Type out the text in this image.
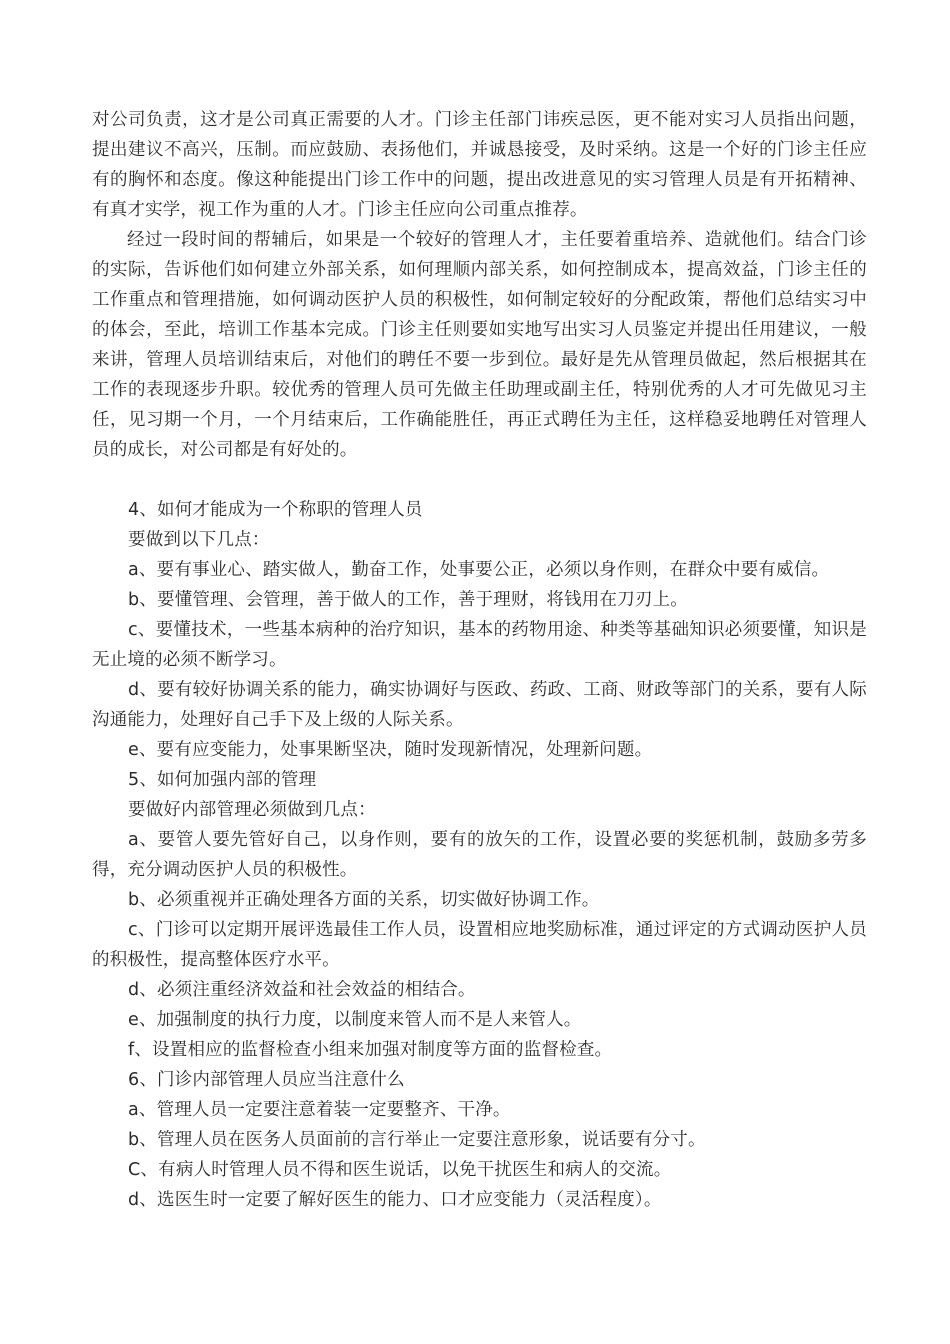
对公司负责，这才是公司真正需要的人才。门诊主任部门讳疾忌医，更不能对实习人员指出问题，提出建议不高兴，压制。而应鼓励、表扬他们，并诚恳接受，及时采纳。这是一个好的门诊主任应有的胸怀和态度。像这种能提出门诊工作中的问题，提出改进意见的实习管理人员是有开拓精神、有真才实学，视工作为重的人才。门诊主任应向公司重点推荐。

经过一段时间的帮辅后，如果是一个较好的管理人才，主任要着重培养、造就他们。结合门诊的实际，告诉他们如何建立外部关系，如何理顺内部关系，如何控制成本，提高效益，门诊主任的工作重点和管理措施，如何调动医护人员的积极性，如何制定较好的分配政策，帮他们总结实习中的体会，至此，培训工作基本完成。门诊主任则要如实地写出实习人员鉴定并提出任用建议，一般来讲，管理人员培训结束后，对他们的聘任不要一步到位。最好是先从管理员做起，然后根据其在工作的表现逐步升职。较优秀的管理人员可先做主任助理或副主任，特别优秀的人才可先做见习主任，见习期一个月，一个月结束后，工作确能胜任，再正式聘任为主任，这样稳妥地聘任对管理人员的成长，对公司都是有好处的。

4、如何才能成为一个称职的管理人员

要做到以下几点：

a、要有事业心、踏实做人，勤奋工作，处事要公正，必须以身作则，在群众中要有威信。

b、要懂管理、会管理，善于做人的工作，善于理财，将钱用在刀刃上。

c、要懂技术，一些基本病种的治疗知识，基本的药物用途、种类等基础知识必须要懂，知识是无止境的必须不断学习。

d、要有较好协调关系的能力，确实协调好与医政、药政、工商、财政等部门的关系，要有人际沟通能力，处理好自己手下及上级的人际关系。

e、要有应变能力，处事果断坚决，随时发现新情况，处理新问题。

5、如何加强内部的管理

要做好内部管理必须做到几点：

a、要管人要先管好自己，以身作则，要有的放矢的工作，设置必要的奖惩机制，鼓励多劳多得，充分调动医护人员的积极性。

b、必须重视并正确处理各方面的关系，切实做好协调工作。

c、门诊可以定期开展评选最佳工作人员，设置相应地奖励标准，通过评定的方式调动医护人员的积极性，提高整体医疗水平。

d、必须注重经济效益和社会效益的相结合。

e、加强制度的执行力度，以制度来管人而不是人来管人。

f、设置相应的监督检查小组来加强对制度等方面的监督检查。

6、门诊内部管理人员应当注意什么

a、管理人员一定要注意着装一定要整齐、干净。

b、管理人员在医务人员面前的言行举止一定要注意形象，说话要有分寸。

C、有病人时管理人员不得和医生说话，以免干扰医生和病人的交流。

d、选医生时一定要了解好医生的能力、口才应变能力（灵活程度）。
